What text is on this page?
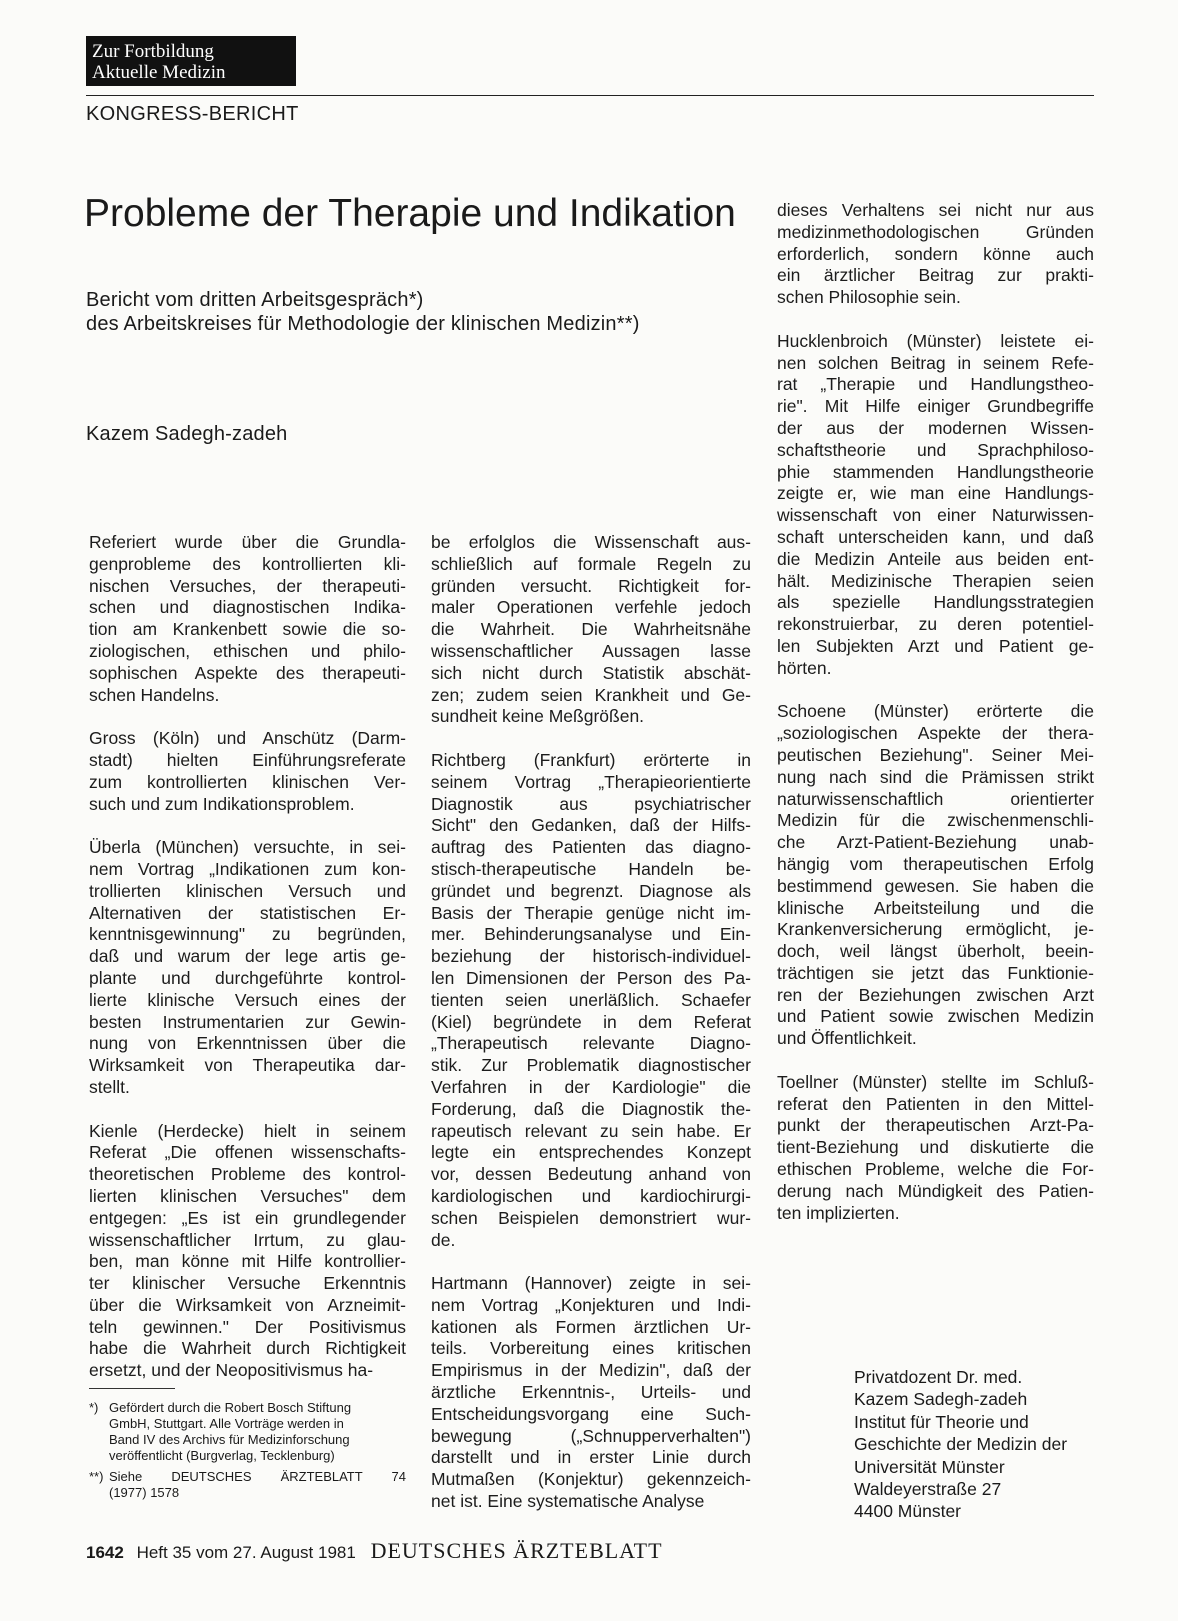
Zur Fortbildung
Aktuelle Medizin
KONGRESS-BERICHT
Probleme der Therapie und Indikation
Bericht vom dritten Arbeitsgespräch*)
des Arbeitskreises für Methodologie der klinischen Medizin**)
Kazem Sadegh-zadeh

Referiert wurde über die Grundla-
genprobleme des kontrollierten kli-
nischen Versuches, der therapeuti-
schen und diagnostischen Indika-
tion am Krankenbett sowie die so-
ziologischen, ethischen und philo-
sophischen Aspekte des therapeuti-
schen Handelns.

Gross (Köln) und Anschütz (Darm-
stadt) hielten Einführungsreferate
zum kontrollierten klinischen Ver-
such und zum Indikationsproblem.

Überla (München) versuchte, in sei-
nem Vortrag „Indikationen zum kon-
trollierten klinischen Versuch und
Alternativen der statistischen Er-
kenntnisgewinnung" zu begründen,
daß und warum der lege artis ge-
plante und durchgeführte kontrol-
lierte klinische Versuch eines der
besten Instrumentarien zur Gewin-
nung von Erkenntnissen über die
Wirksamkeit von Therapeutika dar-
stellt.

Kienle (Herdecke) hielt in seinem
Referat „Die offenen wissenschafts-
theoretischen Probleme des kontrol-
lierten klinischen Versuches" dem
entgegen: „Es ist ein grundlegender
wissenschaftlicher Irrtum, zu glau-
ben, man könne mit Hilfe kontrollier-
ter klinischer Versuche Erkenntnis
über die Wirksamkeit von Arzneimit-
teln gewinnen." Der Positivismus
habe die Wahrheit durch Richtigkeit
ersetzt, und der Neopositivismus ha-

be erfolglos die Wissenschaft aus-
schließlich auf formale Regeln zu
gründen versucht. Richtigkeit for-
maler Operationen verfehle jedoch
die Wahrheit. Die Wahrheitsnähe
wissenschaftlicher Aussagen lasse
sich nicht durch Statistik abschät-
zen; zudem seien Krankheit und Ge-
sundheit keine Meßgrößen.

Richtberg (Frankfurt) erörterte in
seinem Vortrag „Therapieorientierte
Diagnostik aus psychiatrischer
Sicht" den Gedanken, daß der Hilfs-
auftrag des Patienten das diagno-
stisch-therapeutische Handeln be-
gründet und begrenzt. Diagnose als
Basis der Therapie genüge nicht im-
mer. Behinderungsanalyse und Ein-
beziehung der historisch-individuel-
len Dimensionen der Person des Pa-
tienten seien unerläßlich. Schaefer
(Kiel) begründete in dem Referat
„Therapeutisch relevante Diagno-
stik. Zur Problematik diagnostischer
Verfahren in der Kardiologie" die
Forderung, daß die Diagnostik the-
rapeutisch relevant zu sein habe. Er
legte ein entsprechendes Konzept
vor, dessen Bedeutung anhand von
kardiologischen und kardiochirurgi-
schen Beispielen demonstriert wur-
de.

Hartmann (Hannover) zeigte in sei-
nem Vortrag „Konjekturen und Indi-
kationen als Formen ärztlichen Ur-
teils. Vorbereitung eines kritischen
Empirismus in der Medizin", daß der
ärztliche Erkenntnis-, Urteils- und
Entscheidungsvorgang eine Such-
bewegung („Schnupperverhalten")
darstellt und in erster Linie durch
Mutmaßen (Konjektur) gekennzeich-
net ist. Eine systematische Analyse

dieses Verhaltens sei nicht nur aus
medizinmethodologischen Gründen
erforderlich, sondern könne auch
ein ärztlicher Beitrag zur prakti-
schen Philosophie sein.

Hucklenbroich (Münster) leistete ei-
nen solchen Beitrag in seinem Refe-
rat „Therapie und Handlungstheo-
rie". Mit Hilfe einiger Grundbegriffe
der aus der modernen Wissen-
schaftstheorie und Sprachphiloso-
phie stammenden Handlungstheorie
zeigte er, wie man eine Handlungs-
wissenschaft von einer Naturwissen-
schaft unterscheiden kann, und daß
die Medizin Anteile aus beiden ent-
hält. Medizinische Therapien seien
als spezielle Handlungsstrategien
rekonstruierbar, zu deren potentiel-
len Subjekten Arzt und Patient ge-
hörten.

Schoene (Münster) erörterte die
„soziologischen Aspekte der thera-
peutischen Beziehung". Seiner Mei-
nung nach sind die Prämissen strikt
naturwissenschaftlich orientierter
Medizin für die zwischenmenschli-
che Arzt-Patient-Beziehung unab-
hängig vom therapeutischen Erfolg
bestimmend gewesen. Sie haben die
klinische Arbeitsteilung und die
Krankenversicherung ermöglicht, je-
doch, weil längst überholt, beein-
trächtigen sie jetzt das Funktionie-
ren der Beziehungen zwischen Arzt
und Patient sowie zwischen Medizin
und Öffentlichkeit.

Toellner (Münster) stellte im Schluß-
referat den Patienten in den Mittel-
punkt der therapeutischen Arzt-Pa-
tient-Beziehung und diskutierte die
ethischen Probleme, welche die For-
derung nach Mündigkeit des Patien-
ten implizierten.

*) Gefördert durch die Robert Bosch Stiftung
GmbH, Stuttgart. Alle Vorträge werden in
Band IV des Archivs für Medizinforschung
veröffentlicht (Burgverlag, Tecklenburg)
**) Siehe DEUTSCHES ÄRZTEBLATT 74
(1977) 1578
Privatdozent Dr. med.
Kazem Sadegh-zadeh
Institut für Theorie und
Geschichte der Medizin der
Universität Münster
Waldeyerstraße 27
4400 Münster
1642 Heft 35 vom 27. August 1981 DEUTSCHES ÄRZTEBLATT
